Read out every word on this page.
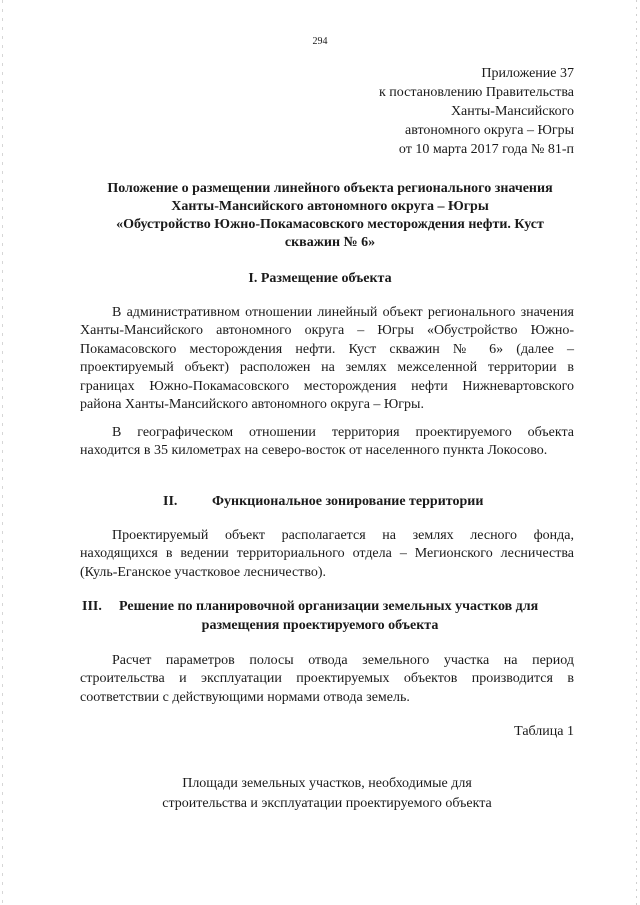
294
Приложение 37
к постановлению Правительства
Ханты-Мансийского
автономного округа – Югры
от 10 марта 2017 года № 81-п
Положение о размещении линейного объекта регионального значения
Ханты-Мансийского автономного округа – Югры
«Обустройство Южно-Покамасовского месторождения нефти. Куст
скважин № 6»
I. Размещение объекта
В административном отношении линейный объект регионального значения Ханты-Мансийского автономного округа – Югры «Обустройство Южно-Покамасовского месторождения нефти. Куст скважин № 6» (далее – проектируемый объект) расположен на землях межселенной территории в границах Южно-Покамасовского месторождения нефти Нижневартовского района Ханты-Мансийского автономного округа – Югры.
В географическом отношении территория проектируемого объекта находится в 35 километрах на северо-восток от населенного пункта Локосово.
II. Функциональное зонирование территории
Проектируемый объект располагается на землях лесного фонда, находящихся в ведении территориального отдела – Мегионского лесничества (Куль-Еганское участковое лесничество).
III. Решение по планировочной организации земельных участков для
размещения проектируемого объекта
Расчет параметров полосы отвода земельного участка на период строительства и эксплуатации проектируемых объектов производится в соответствии с действующими нормами отвода земель.
Таблица 1
Площади земельных участков, необходимые для
строительства и эксплуатации проектируемого объекта
